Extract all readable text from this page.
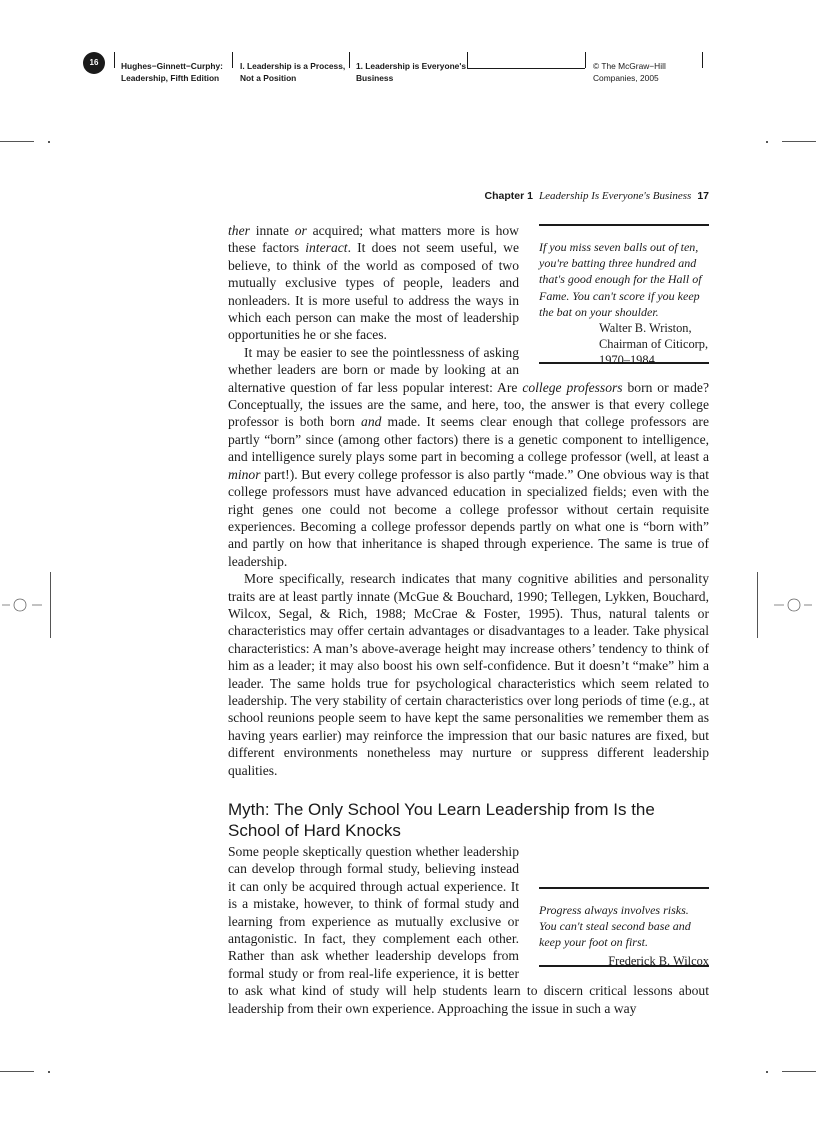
16	Hughes−Ginnett−Curphy:
Leadership, Fifth Edition
I. Leadership is a Process,
Not a Position
1. Leadership is Everyone's
Business
© The McGraw−Hill
Companies, 2005
Chapter 1 Leadership Is Everyone's Business 17

If you miss seven balls out of ten, you're batting three hundred and that's good enough for the Hall of Fame. You can't score if you keep the bat on your shoulder.

Walter B. Wriston,
Chairman of Citicorp,
1970–1984

ther innate or acquired; what matters more is how these factors interact. It does not seem useful, we believe, to think of the world as composed of two mutually exclusive types of people, leaders and nonleaders. It is more useful to address the ways in which each person can make the most of leadership opportunities he or she faces.

It may be easier to see the pointlessness of asking whether leaders are born or made by looking at an alternative question of far less popular interest: Are college professors born or made? Conceptually, the issues are the same, and here, too, the answer is that every college professor is both born and made. It seems clear enough that college professors are partly “born” since (among other factors) there is a genetic component to intelligence, and intelligence surely plays some part in becoming a college professor (well, at least a minor part!). But every college professor is also partly “made.” One obvious way is that college professors must have advanced education in specialized fields; even with the right genes one could not become a college professor without certain requisite experiences. Becoming a college professor depends partly on what one is “born with” and partly on how that inheritance is shaped through experience. The same is true of leadership.

More specifically, research indicates that many cognitive abilities and personality traits are at least partly innate (McGue & Bouchard, 1990; Tellegen, Lykken, Bouchard, Wilcox, Segal, & Rich, 1988; McCrae & Foster, 1995). Thus, natural talents or characteristics may offer certain advantages or disadvantages to a leader. Take physical characteristics: A man’s above-average height may increase others’ tendency to think of him as a leader; it may also boost his own self-confidence. But it doesn’t “make” him a leader. The same holds true for psychological characteristics which seem related to leadership. The very stability of certain characteristics over long periods of time (e.g., at school reunions people seem to have kept the same personalities we remember them as having years earlier) may reinforce the impression that our basic natures are fixed, but different environments nonetheless may nurture or suppress different leadership qualities.

Myth: The Only School You Learn Leadership from Is the School of Hard Knocks

Progress always involves risks. You can't steal second base and keep your foot on first.

Frederick B. Wilcox

Some people skeptically question whether leadership can develop through formal study, believing instead it can only be acquired through actual experience. It is a mistake, however, to think of formal study and learning from experience as mutually exclusive or antagonistic. In fact, they complement each other. Rather than ask whether leadership develops from formal study or from real-life experience, it is better to ask what kind of study will help students learn to discern critical lessons about leadership from their own experience. Approaching the issue in such a way
